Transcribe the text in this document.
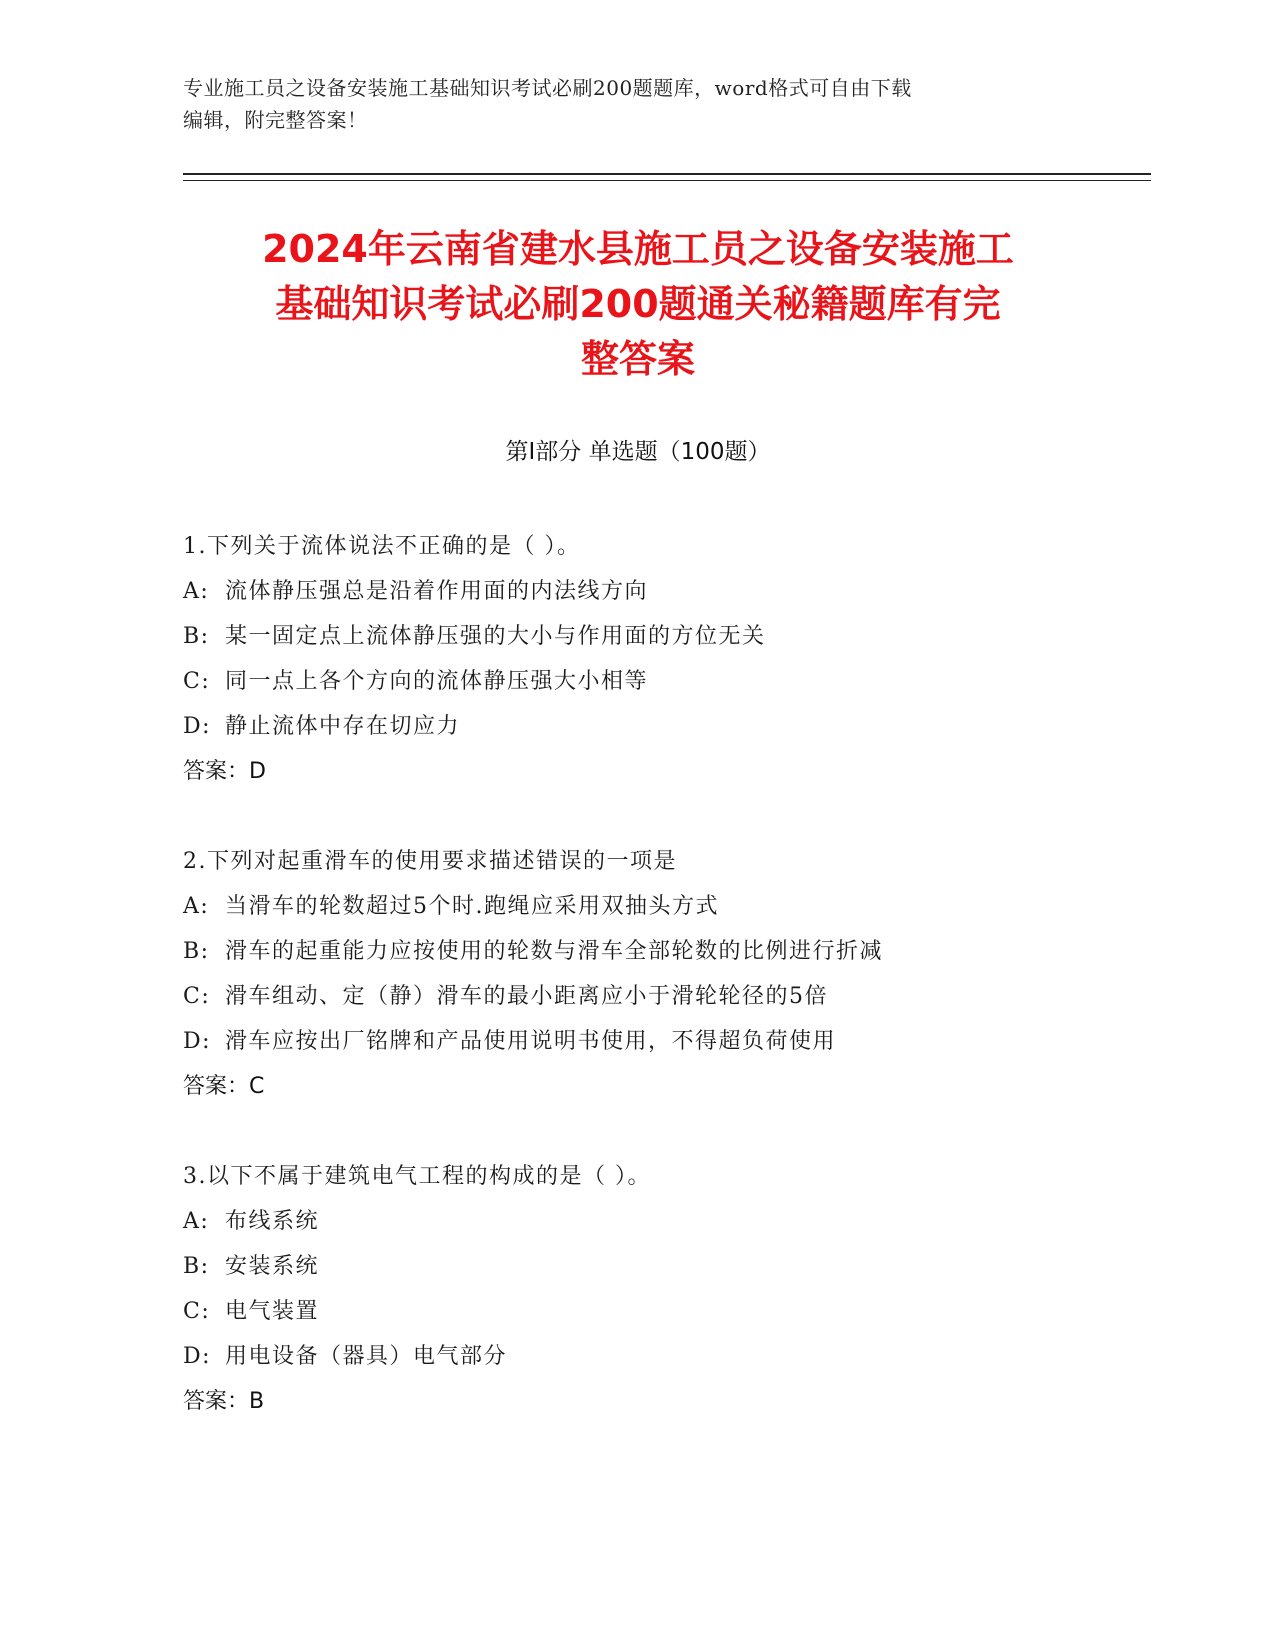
专业施工员之设备安装施工基础知识考试必刷200题题库，word格式可自由下载
编辑，附完整答案！
2024年云南省建水县施工员之设备安装施工
基础知识考试必刷200题通关秘籍题库有完
整答案
第I部分 单选题（100题）
1.下列关于流体说法不正确的是（ ）。
A: 流体静压强总是沿着作用面的内法线方向
B: 某一固定点上流体静压强的大小与作用面的方位无关
C: 同一点上各个方向的流体静压强大小相等
D: 静止流体中存在切应力
答案：D
2.下列对起重滑车的使用要求描述错误的一项是
A: 当滑车的轮数超过5个时.跑绳应采用双抽头方式
B: 滑车的起重能力应按使用的轮数与滑车全部轮数的比例进行折减
C: 滑车组动、定（静）滑车的最小距离应小于滑轮轮径的5倍
D: 滑车应按出厂铭牌和产品使用说明书使用，不得超负荷使用
答案：C
3.以下不属于建筑电气工程的构成的是（ ）。
A: 布线系统
B: 安装系统
C: 电气装置
D: 用电设备（器具）电气部分
答案：B
